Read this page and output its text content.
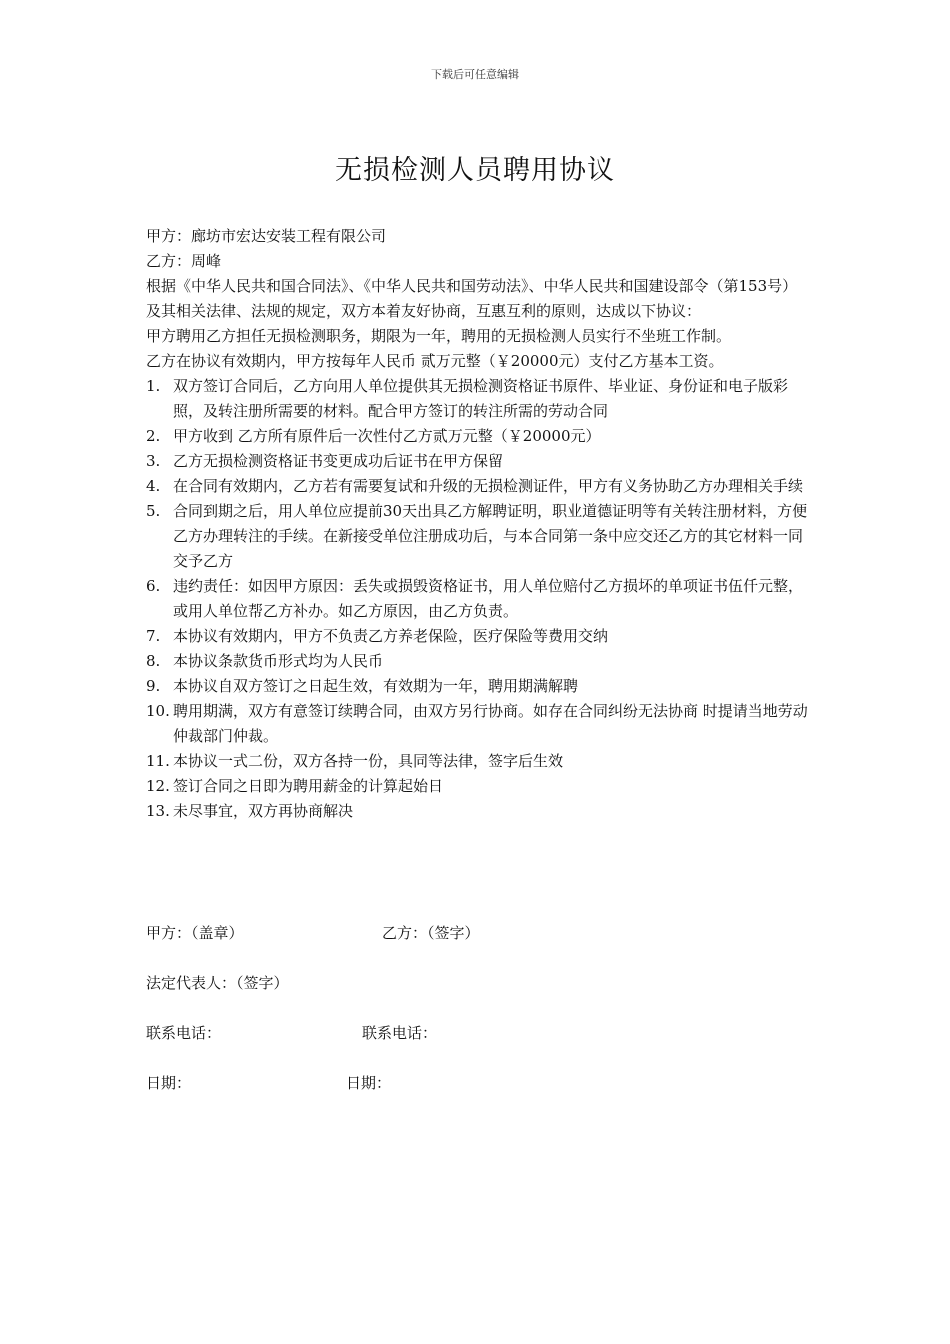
下载后可任意编辑
无损检测人员聘用协议

甲方：廊坊市宏达安装工程有限公司

乙方：周峰

根据《中华人民共和国合同法》、《中华人民共和国劳动法》、中华人民共和国建设部令（第153号）及其相关法律、法规的规定，双方本着友好协商，互惠互利的原则，达成以下协议：

甲方聘用乙方担任无损检测职务，期限为一年，聘用的无损检测人员实行不坐班工作制。

乙方在协议有效期内，甲方按每年人民币 贰万元整（￥20000元）支付乙方基本工资。

1. 双方签订合同后，乙方向用人单位提供其无损检测资格证书原件、毕业证、身份证和电子版彩照，及转注册所需要的材料。配合甲方签订的转注所需的劳动合同
2. 甲方收到 乙方所有原件后一次性付乙方贰万元整（￥20000元）
3. 乙方无损检测资格证书变更成功后证书在甲方保留
4. 在合同有效期内，乙方若有需要复试和升级的无损检测证件，甲方有义务协助乙方办理相关手续
5. 合同到期之后，用人单位应提前30天出具乙方解聘证明，职业道德证明等有关转注册材料，方便乙方办理转注的手续。在新接受单位注册成功后，与本合同第一条中应交还乙方的其它材料一同交予乙方
6. 违约责任：如因甲方原因：丢失或损毁资格证书，用人单位赔付乙方损坏的单项证书伍仟元整，或用人单位帮乙方补办。如乙方原因，由乙方负责。
7. 本协议有效期内，甲方不负责乙方养老保险，医疗保险等费用交纳
8. 本协议条款货币形式均为人民币
9. 本协议自双方签订之日起生效，有效期为一年，聘用期满解聘
10. 聘用期满，双方有意签订续聘合同，由双方另行协商。如存在合同纠纷无法协商 时提请当地劳动仲裁部门仲裁。
11. 本协议一式二份，双方各持一份，具同等法律，签字后生效
12. 签订合同之日即为聘用薪金的计算起始日
13. 未尽事宜，双方再协商解决
甲方：（盖章）	乙方：（签字）
法定代表人：（签字）
联系电话：	联系电话：
日期：	日期：
